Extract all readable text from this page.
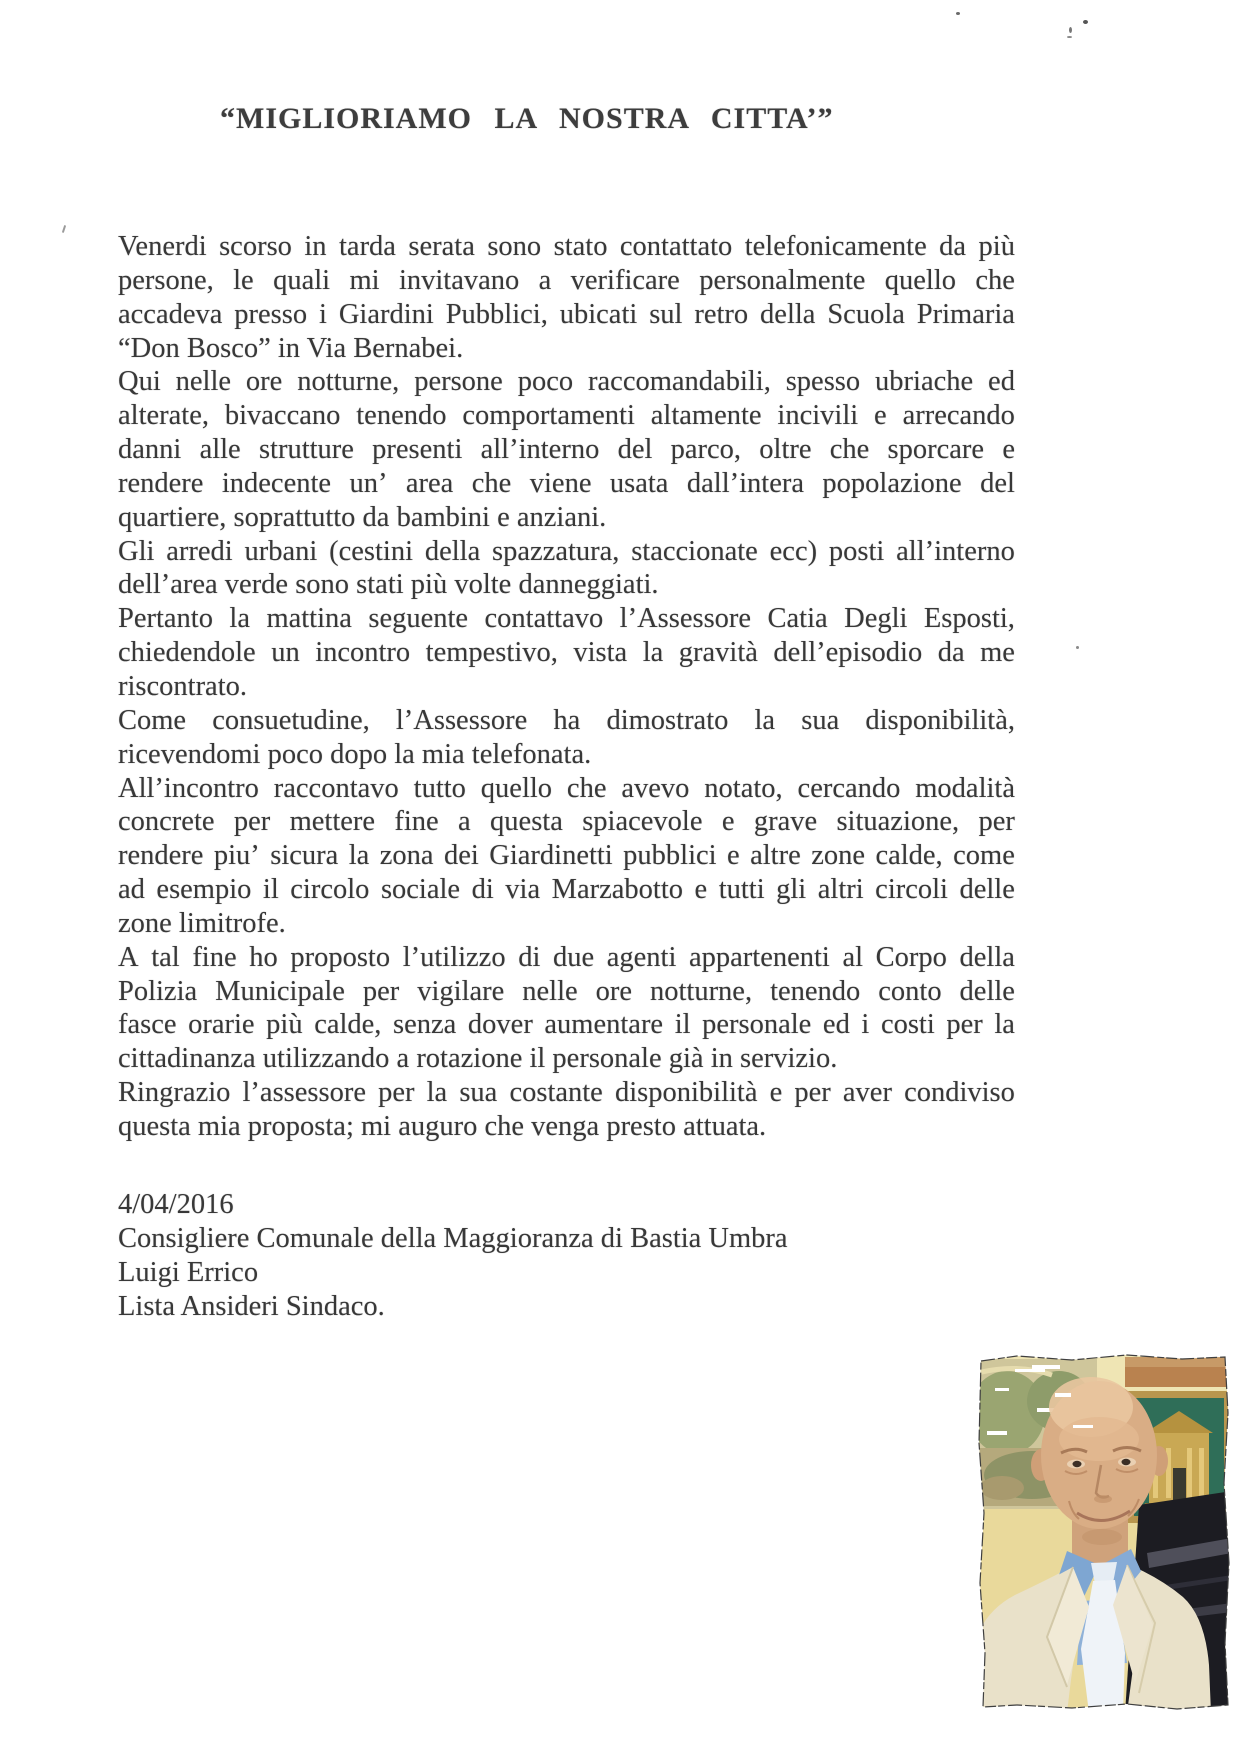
“MIGLIORIAMO LA NOSTRA CITTA’”
Venerdi scorso in tarda serata sono stato contattato telefonicamente da più
persone, le quali mi invitavano a verificare personalmente quello che
accadeva presso i Giardini Pubblici, ubicati sul retro della Scuola Primaria
“Don Bosco” in Via Bernabei.
Qui nelle ore notturne, persone poco raccomandabili, spesso ubriache ed
alterate, bivaccano tenendo comportamenti altamente incivili e arrecando
danni alle strutture presenti all’interno del parco, oltre che sporcare e
rendere indecente un’ area che viene usata dall’intera popolazione del
quartiere, soprattutto da bambini e anziani.
Gli arredi urbani (cestini della spazzatura, staccionate ecc) posti all’interno
dell’area verde sono stati più volte danneggiati.
Pertanto la mattina seguente contattavo l’Assessore Catia Degli Esposti,
chiedendole un incontro tempestivo, vista la gravità dell’episodio da me
riscontrato.
Come consuetudine, l’Assessore ha dimostrato la sua disponibilità,
ricevendomi poco dopo la mia telefonata.
All’incontro raccontavo tutto quello che avevo notato, cercando modalità
concrete per mettere fine a questa spiacevole e grave situazione, per
rendere piu’ sicura la zona dei Giardinetti pubblici e altre zone calde, come
ad esempio il circolo sociale di via Marzabotto e tutti gli altri circoli delle
zone limitrofe.
A tal fine ho proposto l’utilizzo di due agenti appartenenti al Corpo della
Polizia Municipale per vigilare nelle ore notturne, tenendo conto delle
fasce orarie più calde, senza dover aumentare il personale ed i costi per la
cittadinanza utilizzando a rotazione il personale già in servizio.
Ringrazio l’assessore per la sua costante disponibilità e per aver condiviso
questa mia proposta; mi auguro che venga presto attuata.
4/04/2016
Consigliere Comunale della Maggioranza di Bastia Umbra
Luigi Errico
Lista Ansideri Sindaco.
